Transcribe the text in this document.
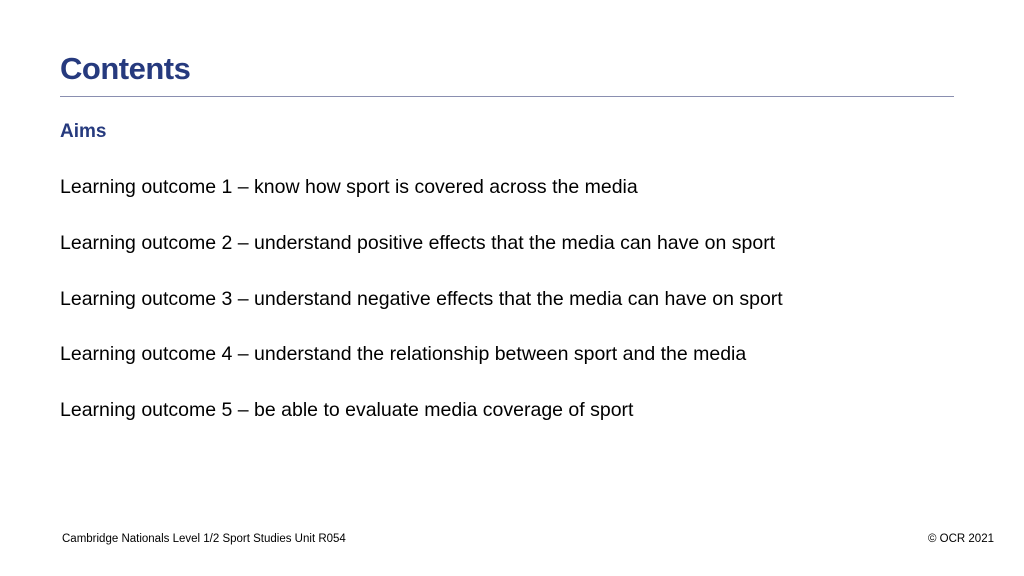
Contents
Aims
Learning outcome 1 – know how sport is covered across the media
Learning outcome 2 – understand positive effects that the media can have on sport
Learning outcome 3 – understand negative effects that the media can have on sport
Learning outcome 4 – understand the relationship between sport and the media
Learning outcome 5 – be able to evaluate media coverage of sport
Cambridge Nationals Level 1/2 Sport Studies Unit R054	© OCR 2021
